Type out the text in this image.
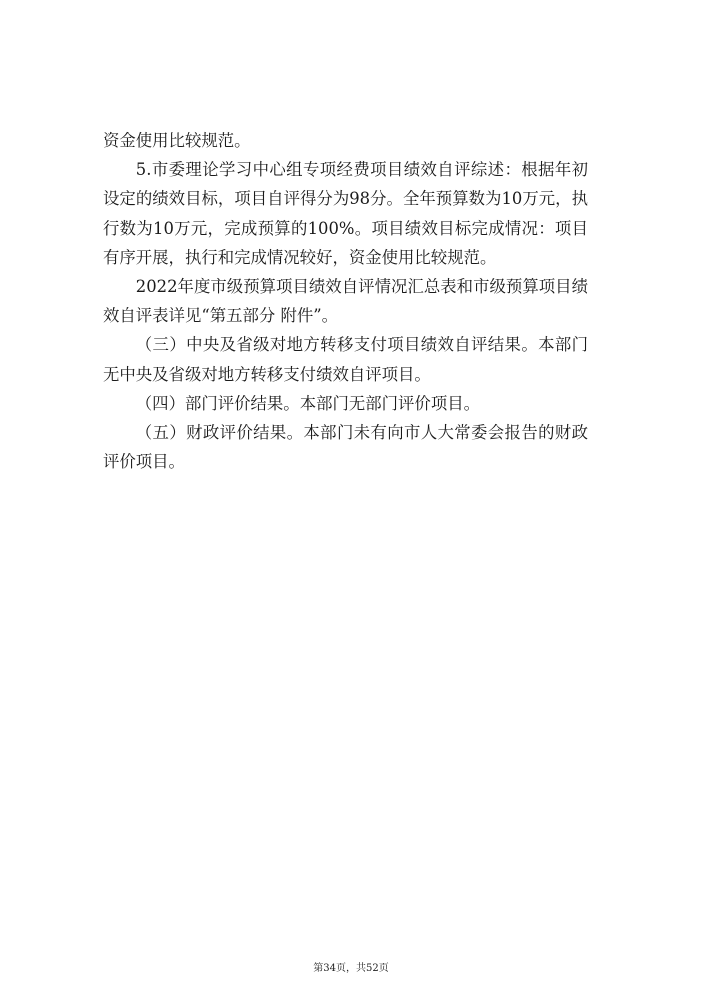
资金使用比较规范。

5.市委理论学习中心组专项经费项目绩效自评综述：根据年初设定的绩效目标，项目自评得分为98分。全年预算数为10万元，执行数为10万元，完成预算的100%。项目绩效目标完成情况：项目有序开展，执行和完成情况较好，资金使用比较规范。

2022年度市级预算项目绩效自评情况汇总表和市级预算项目绩效自评表详见“第五部分 附件”。

（三）中央及省级对地方转移支付项目绩效自评结果。本部门无中央及省级对地方转移支付绩效自评项目。

（四）部门评价结果。本部门无部门评价项目。

（五）财政评价结果。本部门未有向市人大常委会报告的财政评价项目。

第34页，共52页
